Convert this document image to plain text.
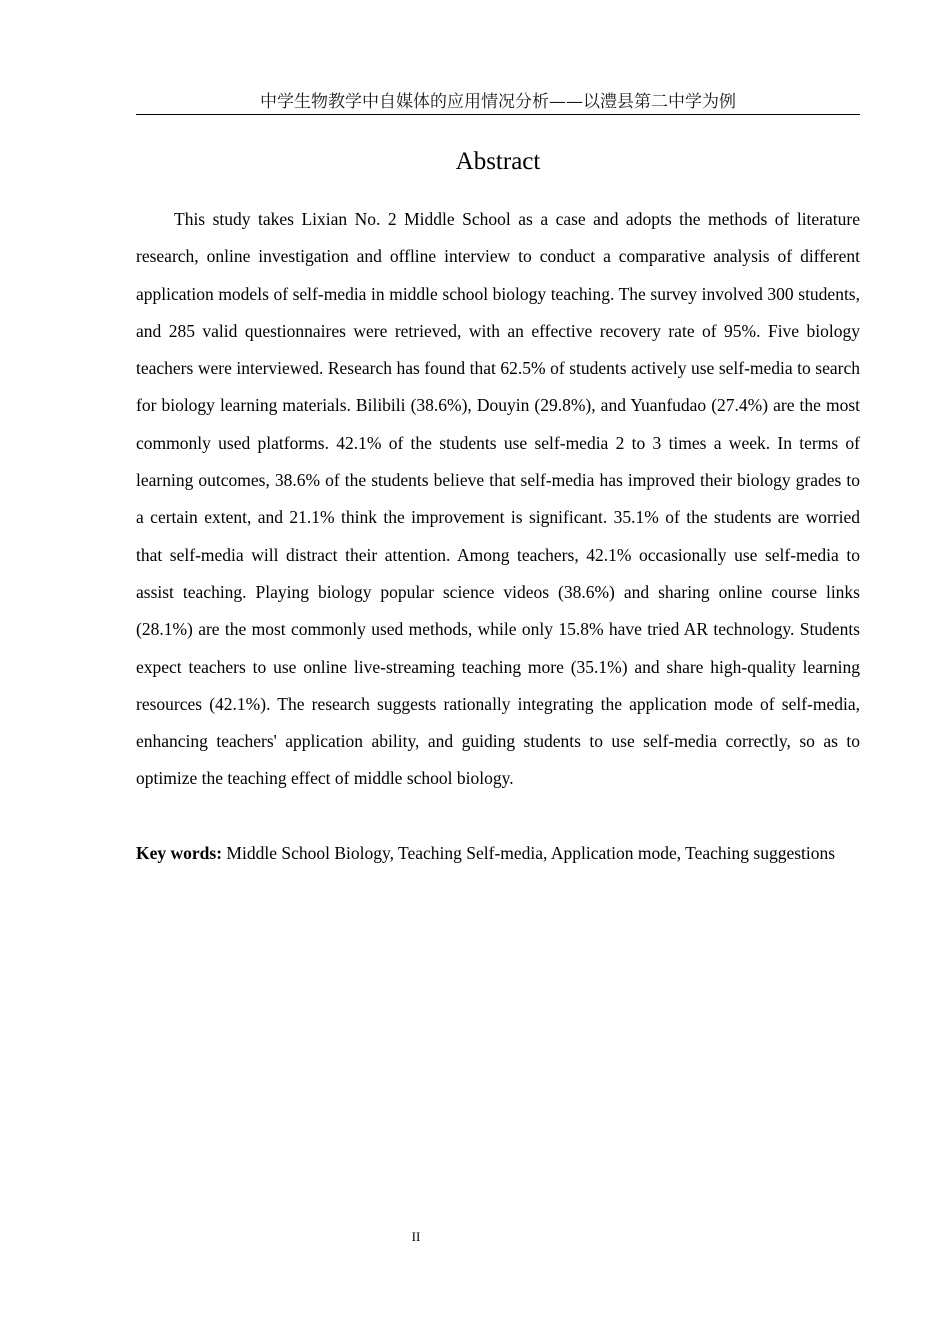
中学生物教学中自媒体的应用情况分析——以澧县第二中学为例
Abstract

This study takes Lixian No. 2 Middle School as a case and adopts the methods of literature research, online investigation and offline interview to conduct a comparative analysis of different application models of self-media in middle school biology teaching. The survey involved 300 students, and 285 valid questionnaires were retrieved, with an effective recovery rate of 95%. Five biology teachers were interviewed. Research has found that 62.5% of students actively use self-media to search for biology learning materials. Bilibili (38.6%), Douyin (29.8%), and Yuanfudao (27.4%) are the most commonly used platforms. 42.1% of the students use self-media 2 to 3 times a week. In terms of learning outcomes, 38.6% of the students believe that self-media has improved their biology grades to a certain extent, and 21.1% think the improvement is significant. 35.1% of the students are worried that self-media will distract their attention. Among teachers, 42.1% occasionally use self-media to assist teaching. Playing biology popular science videos (38.6%) and sharing online course links (28.1%) are the most commonly used methods, while only 15.8% have tried AR technology. Students expect teachers to use online live-streaming teaching more (35.1%) and share high-quality learning resources (42.1%). The research suggests rationally integrating the application mode of self-media, enhancing teachers' application ability, and guiding students to use self-media correctly, so as to optimize the teaching effect of middle school biology.

Key words: Middle School Biology, Teaching Self-media, Application mode, Teaching suggestions

II
